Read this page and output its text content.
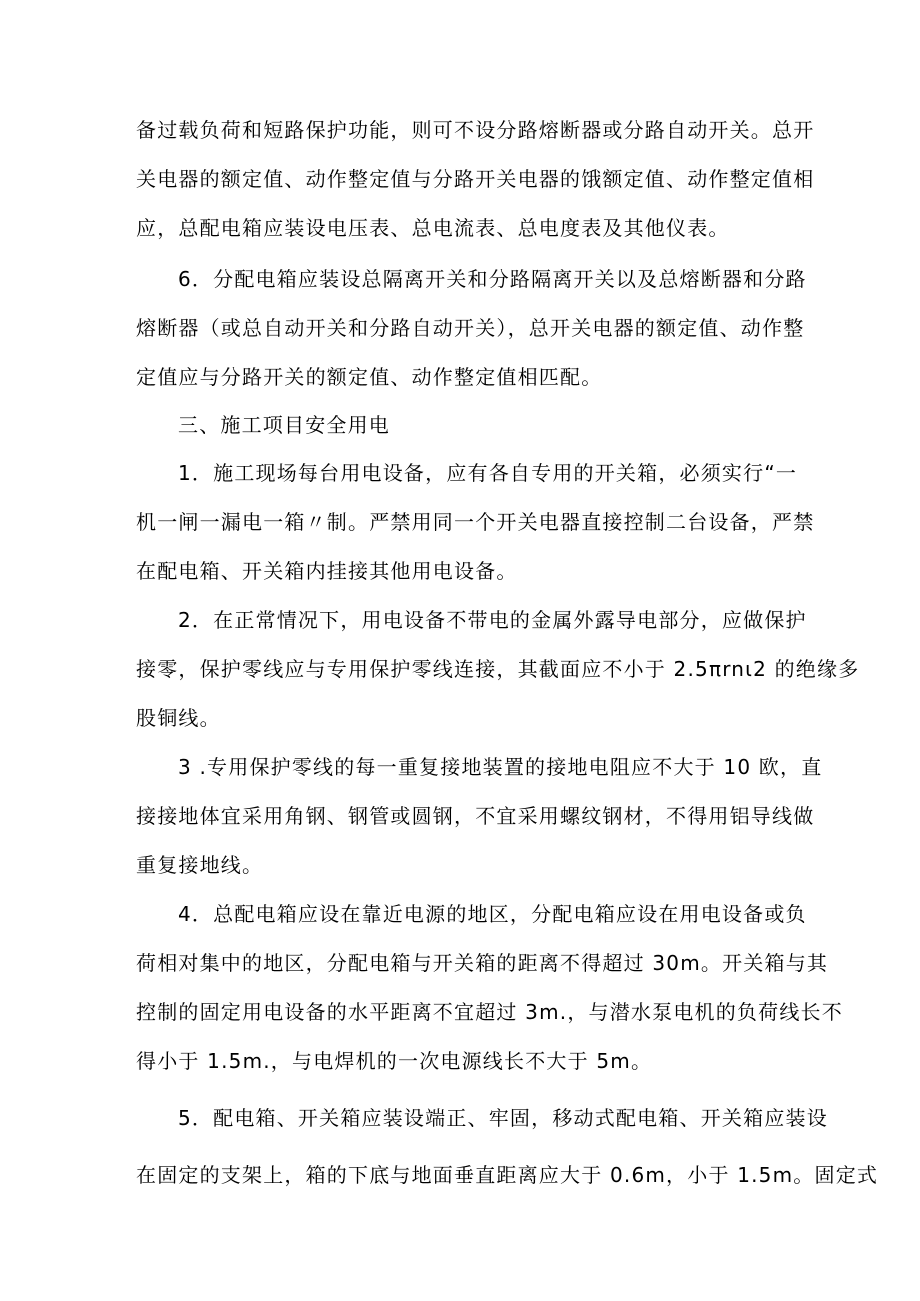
备过载负荷和短路保护功能，则可不设分路熔断器或分路自动开关。总开
关电器的额定值、动作整定值与分路开关电器的饿额定值、动作整定值相
应，总配电箱应装设电压表、总电流表、总电度表及其他仪表。
6．分配电箱应装设总隔离开关和分路隔离开关以及总熔断器和分路
熔断器（或总自动开关和分路自动开关），总开关电器的额定值、动作整
定值应与分路开关的额定值、动作整定值相匹配。
三、施工项目安全用电
1．施工现场每台用电设备，应有各自专用的开关箱，必须实行“一
机一闸一漏电一箱〃制。严禁用同一个开关电器直接控制二台设备，严禁
在配电箱、开关箱内挂接其他用电设备。
2．在正常情况下，用电设备不带电的金属外露导电部分，应做保护
接零，保护零线应与专用保护零线连接，其截面应不小于 2.5πrnι2 的绝缘多
股铜线。
3 .专用保护零线的每一重复接地装置的接地电阻应不大于 10 欧，直
接接地体宜采用角钢、钢管或圆钢，不宜采用螺纹钢材，不得用铝导线做
重复接地线。
4．总配电箱应设在靠近电源的地区，分配电箱应设在用电设备或负
荷相对集中的地区，分配电箱与开关箱的距离不得超过 30m。开关箱与其
控制的固定用电设备的水平距离不宜超过 3m.，与潜水泵电机的负荷线长不
得小于 1.5m.，与电焊机的一次电源线长不大于 5m。
5．配电箱、开关箱应装设端正、牢固，移动式配电箱、开关箱应装设
在固定的支架上，箱的下底与地面垂直距离应大于 0.6m，小于 1.5m。固定式
